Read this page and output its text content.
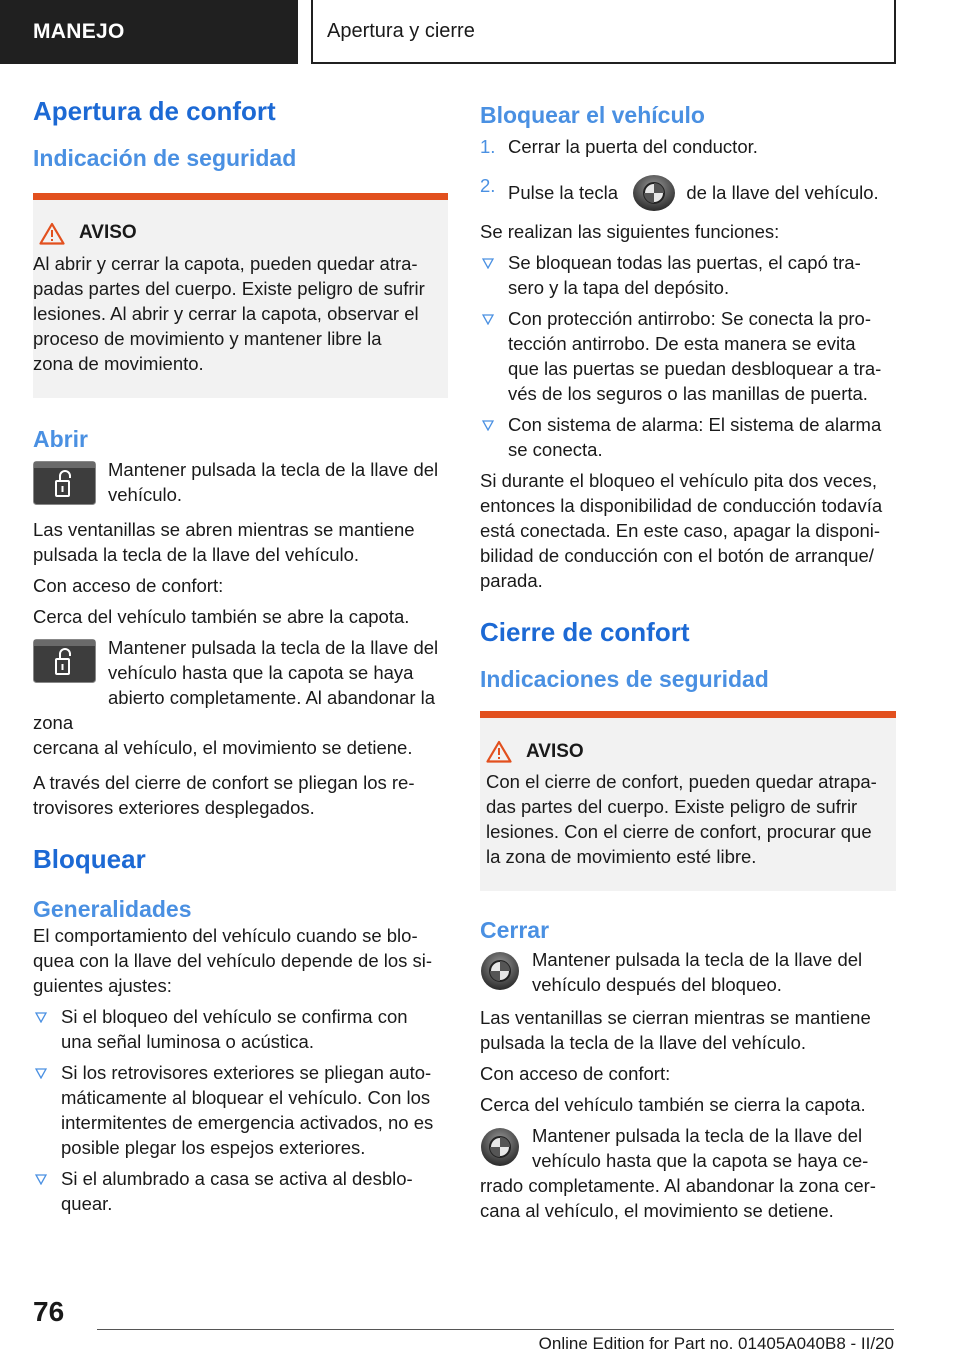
MANEJO	Apertura y cierre
Apertura de confort
Indicación de seguridad
AVISO

Al abrir y cerrar la capota, pueden quedar atra-
padas partes del cuerpo. Existe peligro de sufrir
lesiones. Al abrir y cerrar la capota, observar el
proceso de movimiento y mantener libre la
zona de movimiento.

Abrir

Mantener pulsada la tecla de la llave del
vehículo.

Las ventanillas se abren mientras se mantiene
pulsada la tecla de la llave del vehículo.

Con acceso de confort:

Cerca del vehículo también se abre la capota.

Mantener pulsada la tecla de la llave del
vehículo hasta que la capota se haya
abierto completamente. Al abandonar la zona
cercana al vehículo, el movimiento se detiene.

A través del cierre de confort se pliegan los re-
trovisores exteriores desplegados.

Bloquear
Generalidades

El comportamiento del vehículo cuando se blo-
quea con la llave del vehículo depende de los si-
guientes ajustes:

Si el bloqueo del vehículo se confirma con
una señal luminosa o acústica.
Si los retrovisores exteriores se pliegan auto-
máticamente al bloquear el vehículo. Con los
intermitentes de emergencia activados, no es
posible plegar los espejos exteriores.
Si el alumbrado a casa se activa al desblo-
quear.
Bloquear el vehículo
1. Cerrar la puerta del conductor.
2. Pulse la tecla	de la llave del vehículo.

Se realizan las siguientes funciones:

Se bloquean todas las puertas, el capó tra-
sero y la tapa del depósito.
Con protección antirrobo: Se conecta la pro-
tección antirrobo. De esta manera se evita
que las puertas se puedan desbloquear a tra-
vés de los seguros o las manillas de puerta.
Con sistema de alarma: El sistema de alarma
se conecta.

Si durante el bloqueo el vehículo pita dos veces,
entonces la disponibilidad de conducción todavía
está conectada. En este caso, apagar la disponi-
bilidad de conducción con el botón de arranque/
parada.

Cierre de confort
Indicaciones de seguridad
AVISO

Con el cierre de confort, pueden quedar atrapa-
das partes del cuerpo. Existe peligro de sufrir
lesiones. Con el cierre de confort, procurar que
la zona de movimiento esté libre.

Cerrar

Mantener pulsada la tecla de la llave del
vehículo después del bloqueo.

Las ventanillas se cierran mientras se mantiene
pulsada la tecla de la llave del vehículo.

Con acceso de confort:

Cerca del vehículo también se cierra la capota.

Mantener pulsada la tecla de la llave del
vehículo hasta que la capota se haya ce-
rrado completamente. Al abandonar la zona cer-
cana al vehículo, el movimiento se detiene.

76
Online Edition for Part no. 01405A040B8 - II/20
